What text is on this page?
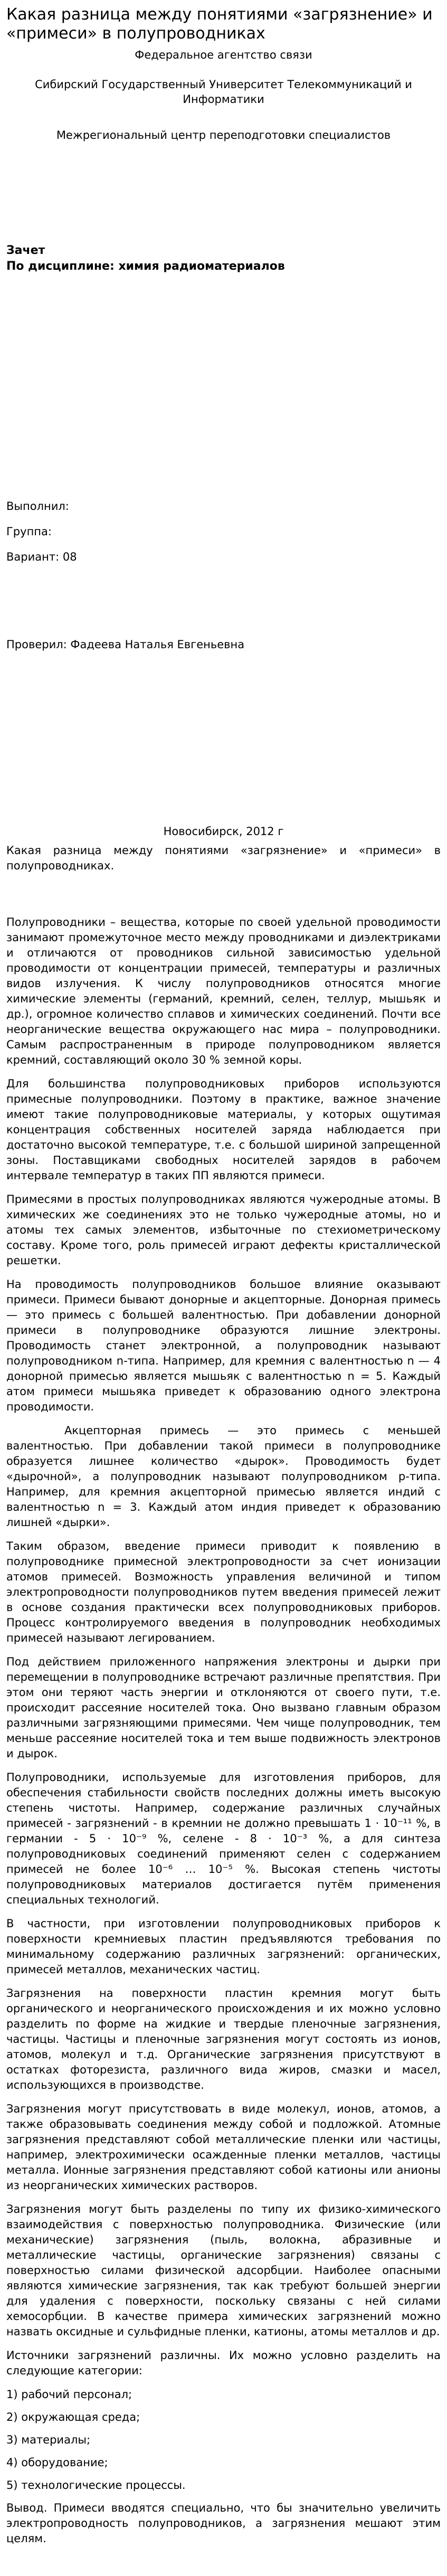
Какая разница между понятиями «загрязнение» и «примеси» в полупроводниках
Федеральное агентство связи
Сибирский Государственный Университет Телекоммуникаций и Информатики
Межрегиональный центр переподготовки специалистов
Зачет
По дисциплине: химия радиоматериалов
Выполнил:
Группа:
Вариант: 08
Проверил: Фадеева Наталья Евгеньевна
Новосибирск, 2012 г
Какая разница между понятиями «загрязнение» и «примеси» в полупроводниках.

Полупроводники – вещества, которые по своей удельной проводимости занимают промежуточное место между проводниками и диэлектриками и отличаются от проводников сильной зависимостью удельной проводимости от концентрации примесей, температуры и различных видов излучения. К числу полупроводников относятся многие химические элементы (германий, кремний, селен, теллур, мышьяк и др.), огромное количество сплавов и химических соединений. Почти все неорганические вещества окружающего нас мира – полупроводники. Самым распространенным в природе полупроводником является кремний, составляющий около 30 % земной коры.

Для большинства полупроводниковых приборов используются примесные полупроводники. Поэтому в практике, важное значение имеют такие полупроводниковые материалы, у которых ощутимая концентрация собственных носителей заряда наблюдается при достаточно высокой температуре, т.е. с большой шириной запрещенной зоны. Поставщиками свободных носителей зарядов в рабочем интервале температур в таких ПП являются примеси.

Примесями в простых полупроводниках являются чужеродные атомы. В химических же соединениях это не только чужеродные атомы, но и атомы тех самых элементов, избыточные по стехиометрическому составу. Кроме того, роль примесей играют дефекты кристаллической решетки.

На проводимость полупроводников большое влияние оказывают примеси. Примеси бывают донорные и акцепторные. Донорная примесь — это примесь с большей валентностью. При добавлении донорной примеси в полупроводнике образуются лишние электроны. Проводимость станет электронной, а полупроводник называют полупроводником n-типа. Например, для кремния с валентностью n — 4 донорной примесью является мышьяк с валентностью n = 5. Каждый атом примеси мышьяка приведет к образованию одного электрона проводимости.

Акцепторная примесь — это примесь с меньшей валентностью. При добавлении такой примеси в полупроводнике образуется лишнее количество «дырок». Проводимость будет «дырочной», а полупроводник называют полупроводником p-типа. Например, для кремния акцепторной примесью является индий с валентностью n = 3. Каждый атом индия приведет к образованию лишней «дырки».

Таким образом, введение примеси приводит к появлению в полупроводнике примесной электропроводности за счет ионизации атомов примесей. Возможность управления величиной и типом электропроводности полупроводников путем введения примесей лежит в основе создания практически всех полупроводниковых приборов. Процесс контролируемого введения в полупроводник необходимых примесей называют легированием.

Под действием приложенного напряжения электроны и дырки при перемещении в полупроводнике встречают различные препятствия. При этом они теряют часть энергии и отклоняются от своего пути, т.е. происходит рассеяние носителей тока. Оно вызвано главным образом различными загрязняющими примесями. Чем чище полупроводник, тем меньше рассеяние носителей тока и тем выше подвижность электронов и дырок.

Полупроводники, используемые для изготовления приборов, для обеспечения стабильности свойств последних должны иметь высокую степень чистоты. Например, содержание различных случайных примесей - загрязнений - в кремнии не должно превышать 1 · 10⁻¹¹ %, в германии - 5 · 10⁻⁹ %, селене - 8 · 10⁻³ %, а для синтеза полупроводниковых соединений применяют селен с содержанием примесей не более 10⁻⁶ … 10⁻⁵ %. Высокая степень чистоты полупроводниковых материалов достигается путём применения специальных технологий.

В частности, при изготовлении полупроводниковых приборов к поверхности кремниевых пластин предъявляются требования по минимальному содержанию различных загрязнений: органических, примесей металлов, механических частиц.

Загрязнения на поверхности пластин кремния могут быть органического и неорганического происхождения и их можно условно разделить по форме на жидкие и твердые пленочные загрязнения, частицы. Частицы и пленочные загрязнения могут состоять из ионов, атомов, молекул и т.д. Органические загрязнения присутствуют в остатках фоторезиста, различного вида жиров, смазки и масел, использующихся в производстве.

Загрязнения могут присутствовать в виде молекул, ионов, атомов, а также образовывать соединения между собой и подложкой. Атомные загрязнения представляют собой металлические пленки или частицы, например, электрохимически осажденные пленки металлов, частицы металла. Ионные загрязнения представляют собой катионы или анионы из неорганических химических растворов.

Загрязнения могут быть разделены по типу их физико-химического взаимодействия с поверхностью полупроводника. Физические (или механические) загрязнения (пыль, волокна, абразивные и металлические частицы, органические загрязнения) связаны с поверхностью силами физической адсорбции. Наиболее опасными являются химические загрязнения, так как требуют большей энергии для удаления с поверхности, поскольку связаны с ней силами хемосорбции. В качестве примера химических загрязнений можно назвать оксидные и сульфидные пленки, катионы, атомы металлов и др.

Источники загрязнений различны. Их можно условно разделить на следующие категории:

1) рабочий персонал;

2) окружающая среда;

3) материалы;

4) оборудование;

5) технологические процессы.

Вывод. Примеси вводятся специально, что бы значительно увеличить электропроводность полупроводников, а загрязнения мешают этим целям.
